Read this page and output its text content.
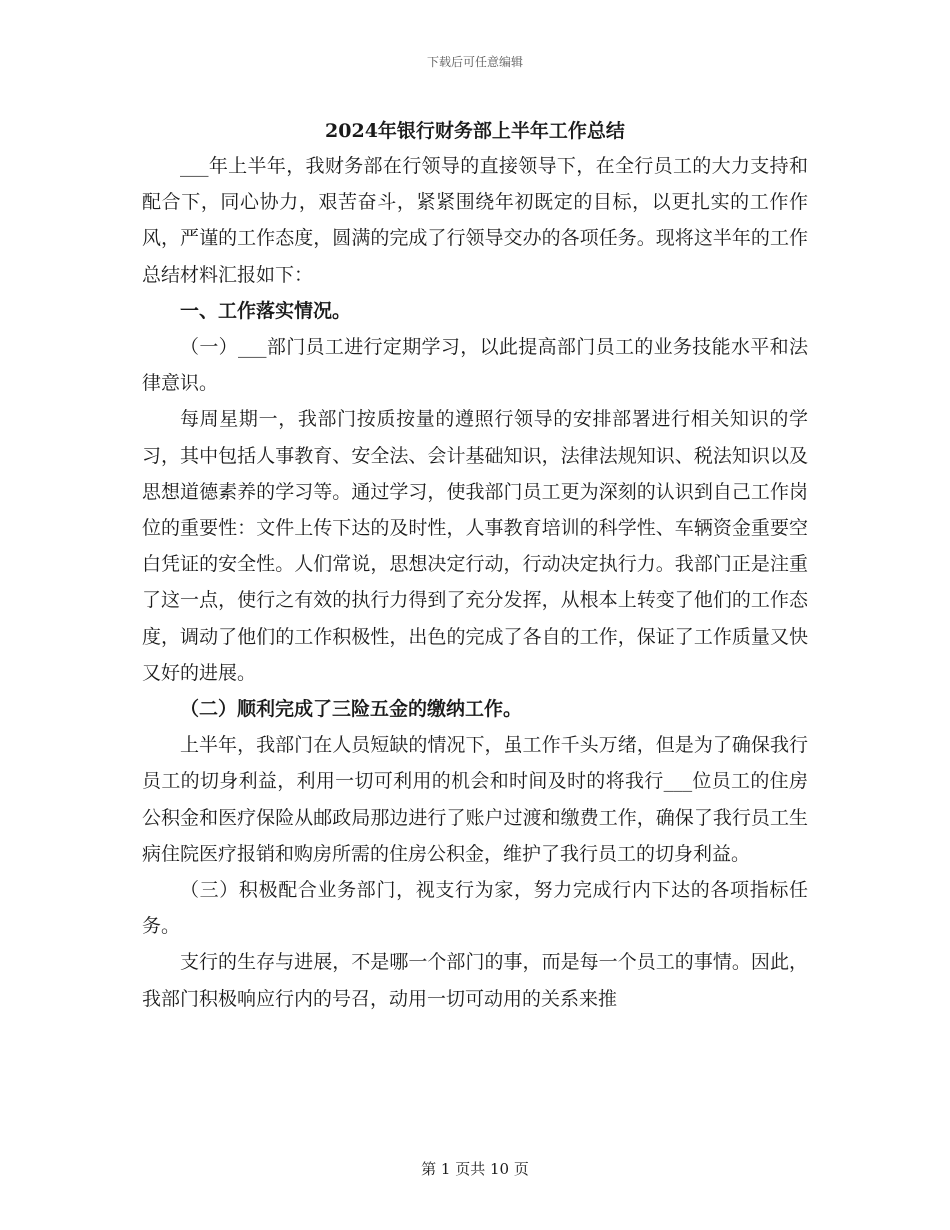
下载后可任意编辑
2024年银行财务部上半年工作总结

___年上半年，我财务部在行领导的直接领导下，在全行员工的大力支持和配合下，同心协力，艰苦奋斗，紧紧围绕年初既定的目标，以更扎实的工作作风，严谨的工作态度，圆满的完成了行领导交办的各项任务。现将这半年的工作总结材料汇报如下：

一、工作落实情况。

（一）___部门员工进行定期学习，以此提高部门员工的业务技能水平和法律意识。

每周星期一，我部门按质按量的遵照行领导的安排部署进行相关知识的学习，其中包括人事教育、安全法、会计基础知识，法律法规知识、税法知识以及思想道德素养的学习等。通过学习，使我部门员工更为深刻的认识到自己工作岗位的重要性：文件上传下达的及时性，人事教育培训的科学性、车辆资金重要空白凭证的安全性。人们常说，思想决定行动，行动决定执行力。我部门正是注重了这一点，使行之有效的执行力得到了充分发挥，从根本上转变了他们的工作态度，调动了他们的工作积极性，出色的完成了各自的工作，保证了工作质量又快又好的进展。

（二）顺利完成了三险五金的缴纳工作。

上半年，我部门在人员短缺的情况下，虽工作千头万绪，但是为了确保我行员工的切身利益，利用一切可利用的机会和时间及时的将我行___位员工的住房公积金和医疗保险从邮政局那边进行了账户过渡和缴费工作，确保了我行员工生病住院医疗报销和购房所需的住房公积金，维护了我行员工的切身利益。

（三）积极配合业务部门，视支行为家，努力完成行内下达的各项指标任务。

支行的生存与进展，不是哪一个部门的事，而是每一个员工的事情。因此，我部门积极响应行内的号召，动用一切可动用的关系来推

第 1 页共 10 页
